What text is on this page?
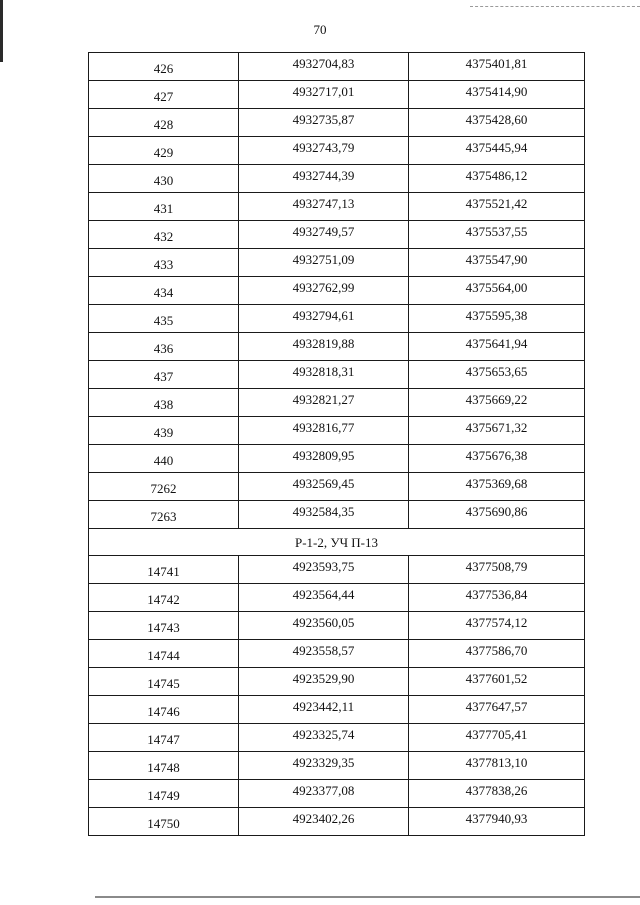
70
426	4932704,83	4375401,81
427	4932717,01	4375414,90
428	4932735,87	4375428,60
429	4932743,79	4375445,94
430	4932744,39	4375486,12
431	4932747,13	4375521,42
432	4932749,57	4375537,55
433	4932751,09	4375547,90
434	4932762,99	4375564,00
435	4932794,61	4375595,38
436	4932819,88	4375641,94
437	4932818,31	4375653,65
438	4932821,27	4375669,22
439	4932816,77	4375671,32
440	4932809,95	4375676,38
7262	4932569,45	4375369,68
7263	4932584,35	4375690,86
Р-1-2, УЧ П-13		
14741	4923593,75	4377508,79
14742	4923564,44	4377536,84
14743	4923560,05	4377574,12
14744	4923558,57	4377586,70
14745	4923529,90	4377601,52
14746	4923442,11	4377647,57
14747	4923325,74	4377705,41
14748	4923329,35	4377813,10
14749	4923377,08	4377838,26
14750	4923402,26	4377940,93
